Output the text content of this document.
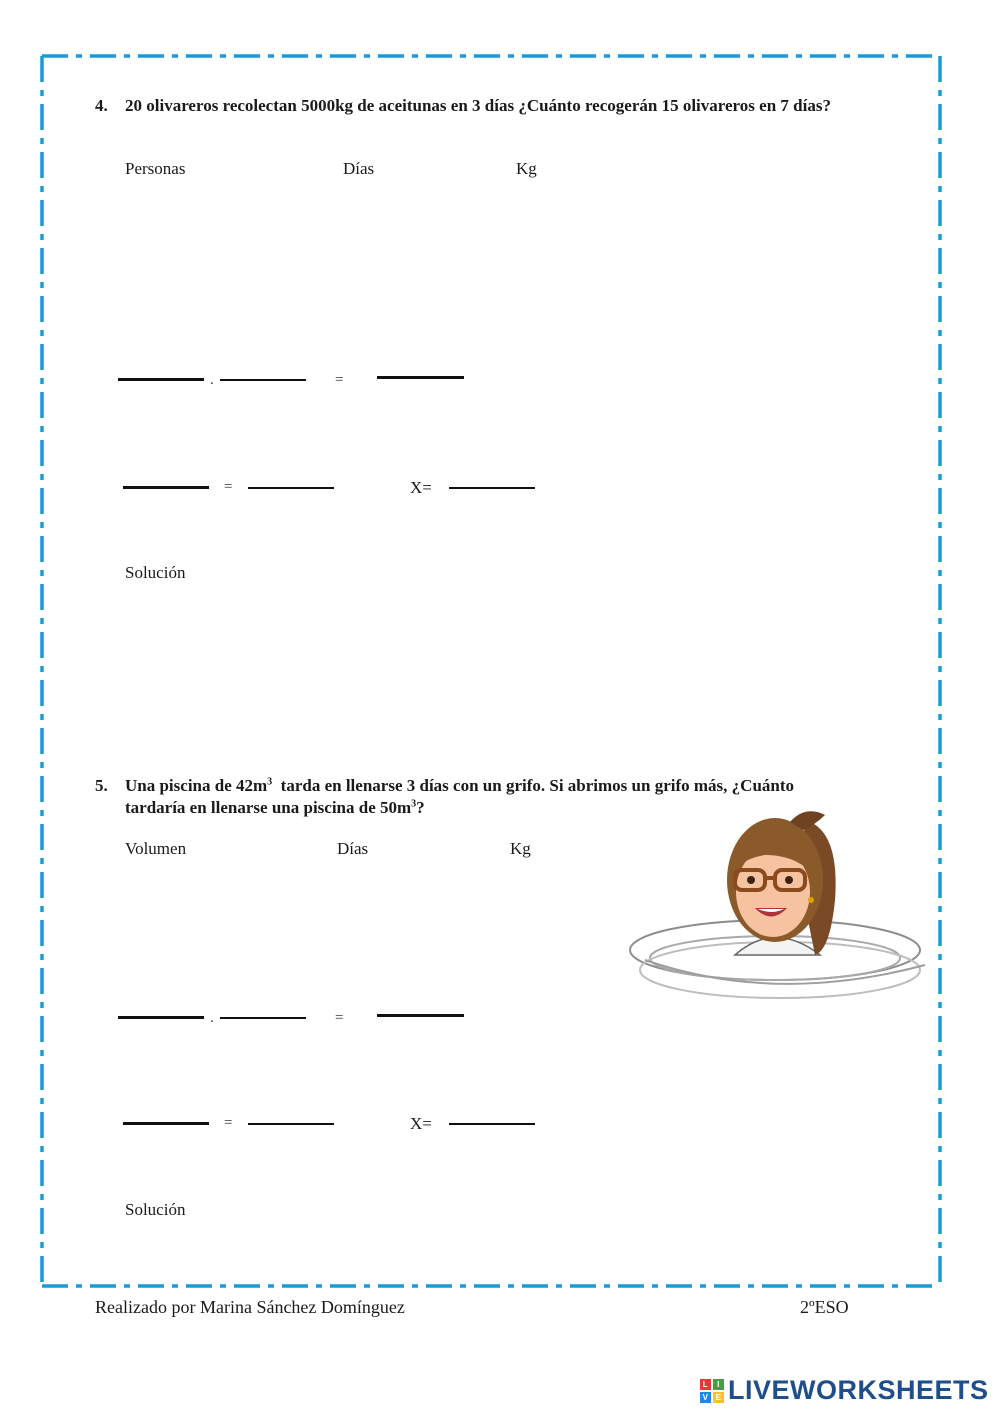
4. 20 olivareros recolectan 5000kg de aceitunas en 3 días ¿Cuánto recogerán 15 olivareros en 7 días?
Personas	Días	Kg
.	=
=	X=
Solución
5. Una piscina de $42m^3$  tarda en llenarse 3 días con un grifo. Si abrimos un grifo más, ¿Cuánto
tardaría en llenarse una piscina de $50m^3$?
Volumen	Días	Kg
.	=
=	X=
Solución
Realizado por Marina Sánchez Domínguez	2ºESO
L	I
V E LIVEWORKSHEETS
